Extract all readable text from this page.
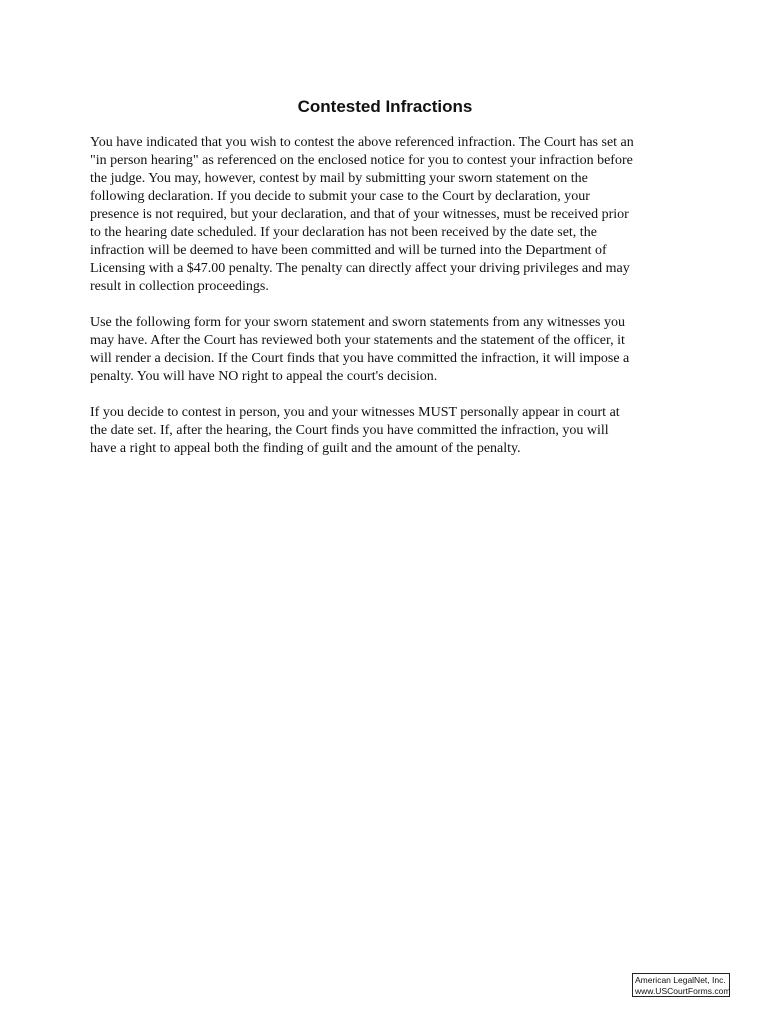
Contested Infractions

You have indicated that you wish to contest the above referenced infraction. The Court has set an
"in person hearing" as referenced on the enclosed notice for you to contest your infraction before
the judge. You may, however, contest by mail by submitting your sworn statement on the
following declaration. If you decide to submit your case to the Court by declaration, your
presence is not required, but your declaration, and that of your witnesses, must be received prior
to the hearing date scheduled. If your declaration has not been received by the date set, the
infraction will be deemed to have been committed and will be turned into the Department of
Licensing with a $47.00 penalty. The penalty can directly affect your driving privileges and may
result in collection proceedings.

Use the following form for your sworn statement and sworn statements from any witnesses you
may have. After the Court has reviewed both your statements and the statement of the officer, it
will render a decision. If the Court finds that you have committed the infraction, it will impose a
penalty. You will have NO right to appeal the court's decision.

If you decide to contest in person, you and your witnesses MUST personally appear in court at
the date set. If, after the hearing, the Court finds you have committed the infraction, you will
have a right to appeal both the finding of guilt and the amount of the penalty.

American LegalNet, Inc.
www.USCourtForms.com
